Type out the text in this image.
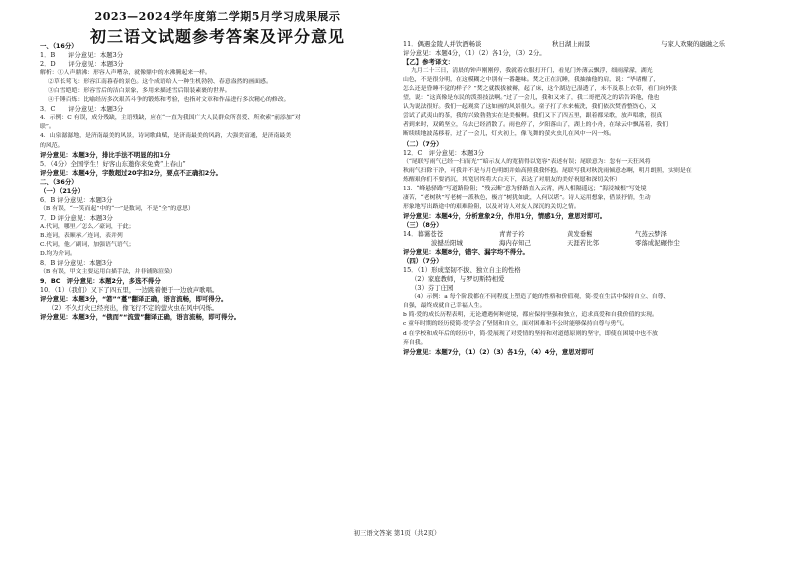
2023—2024学年度第二学期5月学习成果展示
初三语文试题参考答案及评分意见
一、（16分）
1．B　　评分意见：本题3分
2．D　　评分意见：本题3分
解析：①人声鼎沸：形容人声嘈杂，就像鼎中的水沸腾起来一样。
②草长莺飞：形容江南暮春的景色。这个成语给人一种生机勃勃、春意盎然的画面感。
③白雪皑皑：形容雪后的洁白景象，多用来描述雪后银装素裹的世界。
④千锤百炼：比喻经历多次艰苦斗争的锻炼和考验，也指对文章和作品进行多次精心的修改。
3．C　　评分意见：本题3分
4．示例：C 有误，成分残缺，主语残缺，应在“一直为我国广大人民群众所喜爱、所欢索”前添加“对
联”。
4．山泉潺潺地，是济南最美的风景，诗词歌曲赋，是济南最美的风韵，大强美富通，是济南最美
的风范。
评分意见：本题3分，排比手法不明显的扣1分
5．（4分）全国学生！好客山东邀你来免费“上春山”
评分意见：本题4分，字数超过20字扣2分，要点不正确扣2分。
二、（36分）
（一）（21分）
6．B 评分意见：本题3分
（B 有误，“一笑而起”中的“一”是数词，不是“全”的意思）
7．D 评分意见：本题3分
A.代词，哪里／怎么／豪词，于此；
B.连词，表顺承／连词，表并列
C.代词，他／副词，加强语气语气；
D.均为介词。
8．B 评分意见：本题3分
（B 有误，甲文主要运用白描手法，并非铺陈渲染）
9．BC　评分意见：本题2分，多选不得分
10．（1）（我们）又下了四五里，一边跳着便于一边放声歌唱。
评分意见：本题3分，“箬”“蔓”翻译正确，语言流畅，即可得分。
（2）不久灯火已经亮出，像飞行不定的萤火虫在风中闪烁。
评分意见：本题3分，“俄而”“流萤”翻译正确，语言流畅，即可得分。
11．偶遇金陵人并饮酒畅谈	秋日湖上雨景	与家人欢聚的融融之乐
评分意见：本题4分，（1）（2）各1分，（3）2分。
【乙】参考译文：
九月二十三日，清晨的钟声刚刚停，我就着衣服打开门，看见门外薄云飘浮，细雨濛濛，湖光
山色，不是很分明，在这模糊之中别有一番趣味。焚之正在沉睡，我抽抽他的肩，说：“毕诸醒了，
怎么还是昏睡不觉的样子？”焚之就拨拔被褥，起了床，这个湖边已湿透了，未不及系上衣带，看门向外张
望，说：“这真像是东民的泼墨技法啊。”过了一会儿，我和又来了，我二哥把茂之的话告诉他，他也
认为说法很好。我们一起观赏了这如画的风景很久。童子打了水来梳洗，我们依次焚香整饬心，又
尝试了武夷山的茶，我的兴致勃勃实在是美极啊。我们又下了四五里，跟着都采歌，放声唱歌，很真
者到来时，双鹤坚立，乌去已经消散了。雨也停了，夕阳落山了，湖上的小舟，在绿云中飘荡着，我们
断续续地波荡移着，过了一会儿，灯火初上，像飞舞的萤火虫儿在风中一闪一烁。
（二）（7分）
12．C　评分意见：本题3分
（“尾联写雨气已经一扫而光”“暗示友人的宽猜得以宽容”表述有误；尾联意为：忽有一天狂风将
秋雨气扫除干净，可我并不是与月色明朗并始高照我我怀抱。尾联写我对秋洗雨倾意态啊，明月朗照，实则是在
炼醒艰你们不要消沉，其宽居终将大白天下，表达了对朋友的美好祝愿和深切关怀）
13．“峰悬驿路”写道路险阻；“残云断”意为驿路直入云霄，两人相隔遥远；“海浸城根”写处境
凄苦，“老树秋”写老树一派秋色，极言“树犹如此，人何以堪”。诗人运用想象，借景抒情，生动
形象地写出路途中的艰难险阻，以及对诗人对友人深沉的关切之情。
评分意见：本题4分，分析意象2分，作用1分，情感1分，意思对即可。
（三）（8分）
14．暮霭苍苍	青青子衿	黄发垂髫	气蒸云梦泽
波撼岳阳城	海内存知己	天涯若比邻	零落成泥碾作尘
评分意见：本题8分，错字、漏字均不得分。
（四）（7分）
15．（1）形成坚韧不拔、独立自主的性格
（2）家庭教师，与罗切斯特相爱
（3）芬丁庄园
（4）示例：a 每个阶段都在不同程度上塑造了她的性格和价值观，简·爱在生活中保持自立、自尊、
自强，最终成就自己幸福人生。
b 简·爱的成长历程表明，无论遭遇何种逆境，都应保持坚强和独立，追求真爱和自我价值的实现。
c 童年时期的经历使简·爱学会了坚韧和自立，面对困难和不公时能够保持自尊与勇气。
d 在学校和成年后的经历中，简·爱展现了对爱情的坚持和对道德原则的坚守，即使在困境中也不放
弃自我。
评分意见：本题7分，（1）（2）（3）各1分，（4）4分，意思对即可
初三语文答案 第1页（共2页）
